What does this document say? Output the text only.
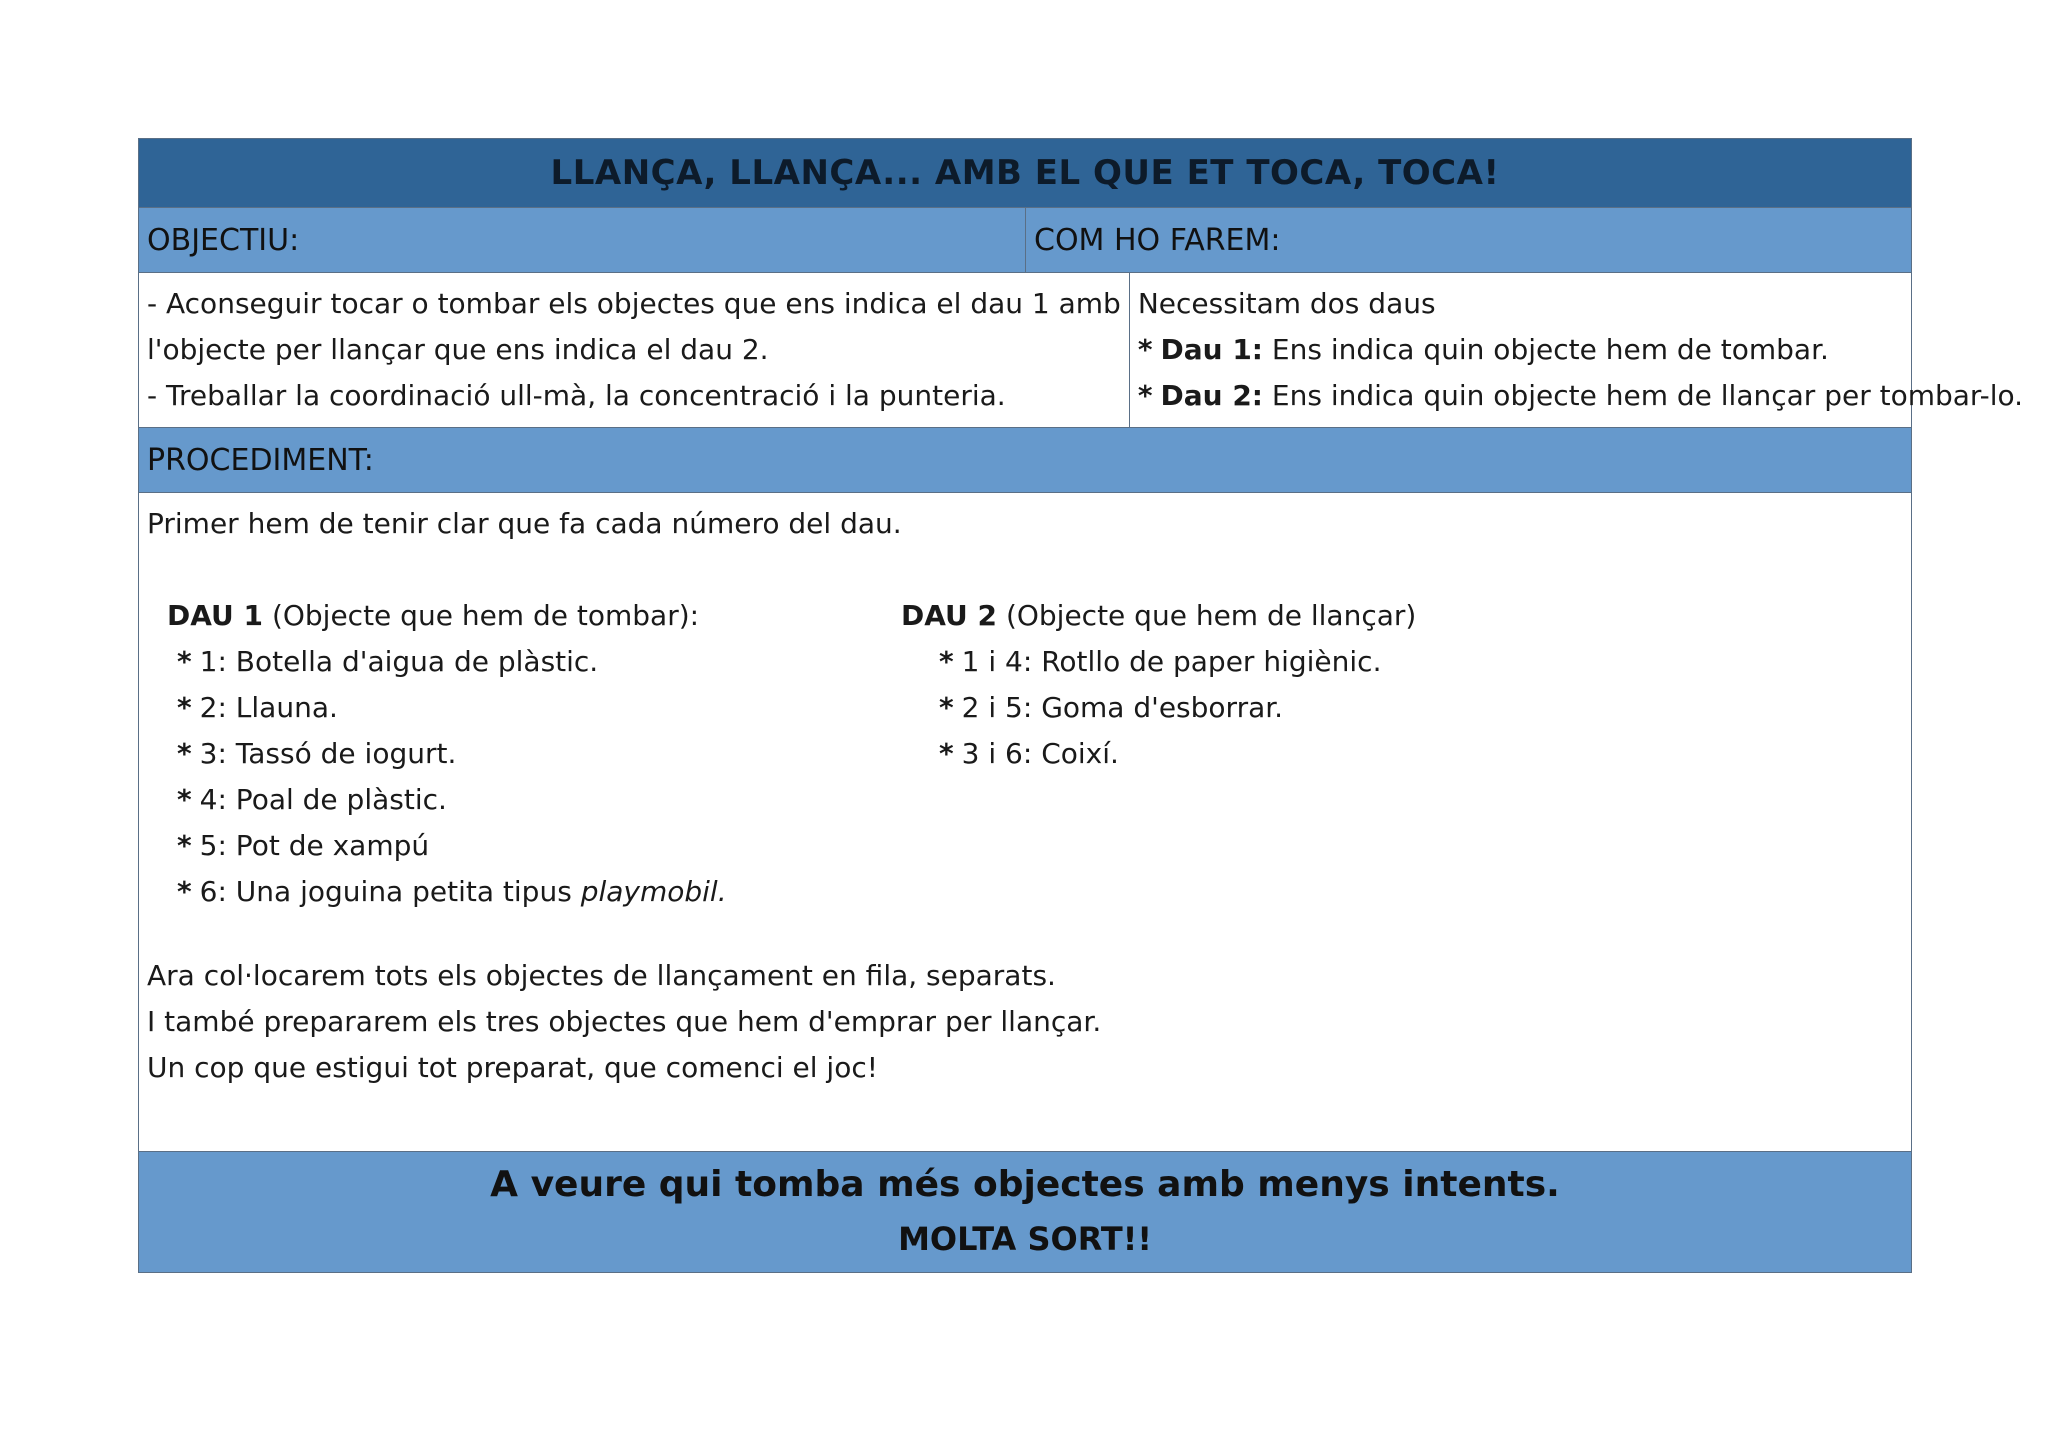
LLANÇA, LLANÇA... AMB EL QUE ET TOCA, TOCA!
OBJECTIU:	COM HO FAREM:
- Aconseguir tocar o tombar els objectes que ens indica el dau 1 amb
l'objecte per llançar que ens indica el dau 2.
- Treballar la coordinació ull-mà, la concentració i la punteria.
Necessitam dos daus
* Dau 1: Ens indica quin objecte hem de tombar.
* Dau 2: Ens indica quin objecte hem de llançar per tombar-lo.
PROCEDIMENT:
Primer hem de tenir clar que fa cada número del dau.
DAU 1 (Objecte que hem de tombar):
* 1: Botella d'aigua de plàstic.
* 2: Llauna.
* 3: Tassó de iogurt.
* 4: Poal de plàstic.
* 5: Pot de xampú
* 6: Una joguina petita tipus playmobil.
DAU 2 (Objecte que hem de llançar)
* 1 i 4: Rotllo de paper higiènic.
* 2 i 5: Goma d'esborrar.
* 3 i 6: Coixí.
Ara col·locarem tots els objectes de llançament en fila, separats.
I també prepararem els tres objectes que hem d'emprar per llançar.
Un cop que estigui tot preparat, que comenci el joc!
A veure qui tomba més objectes amb menys intents.
MOLTA SORT!!
